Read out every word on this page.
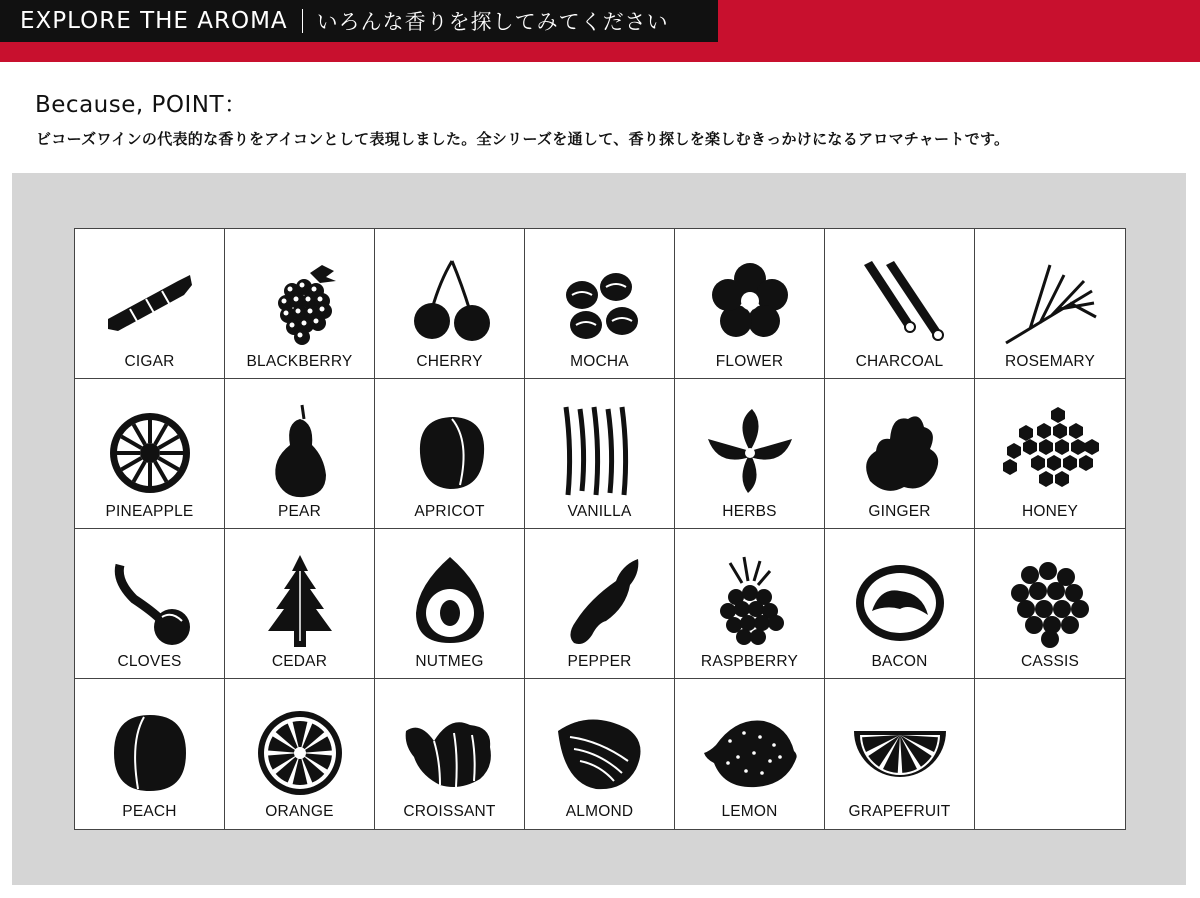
EXPLORE THE AROMA いろんな香りを探してみてください
Because, POINT：
ビコーズワインの代表的な香りをアイコンとして表現しました。全シリーズを通して、香り探しを楽しむきっかけになるアロマチャートです。
CIGAR	BLACKBERRY	CHERRY	MOCHA	FLOWER	CHARCOAL	ROSEMARY
PINEAPPLE	PEAR	APRICOT	VANILLA	HERBS	GINGER	HONEY
CLOVES	CEDAR	NUTMEG	PEPPER	RASPBERRY	BACON	CASSIS
PEACH	ORANGE	CROISSANT	ALMOND	LEMON	GRAPEFRUIT
